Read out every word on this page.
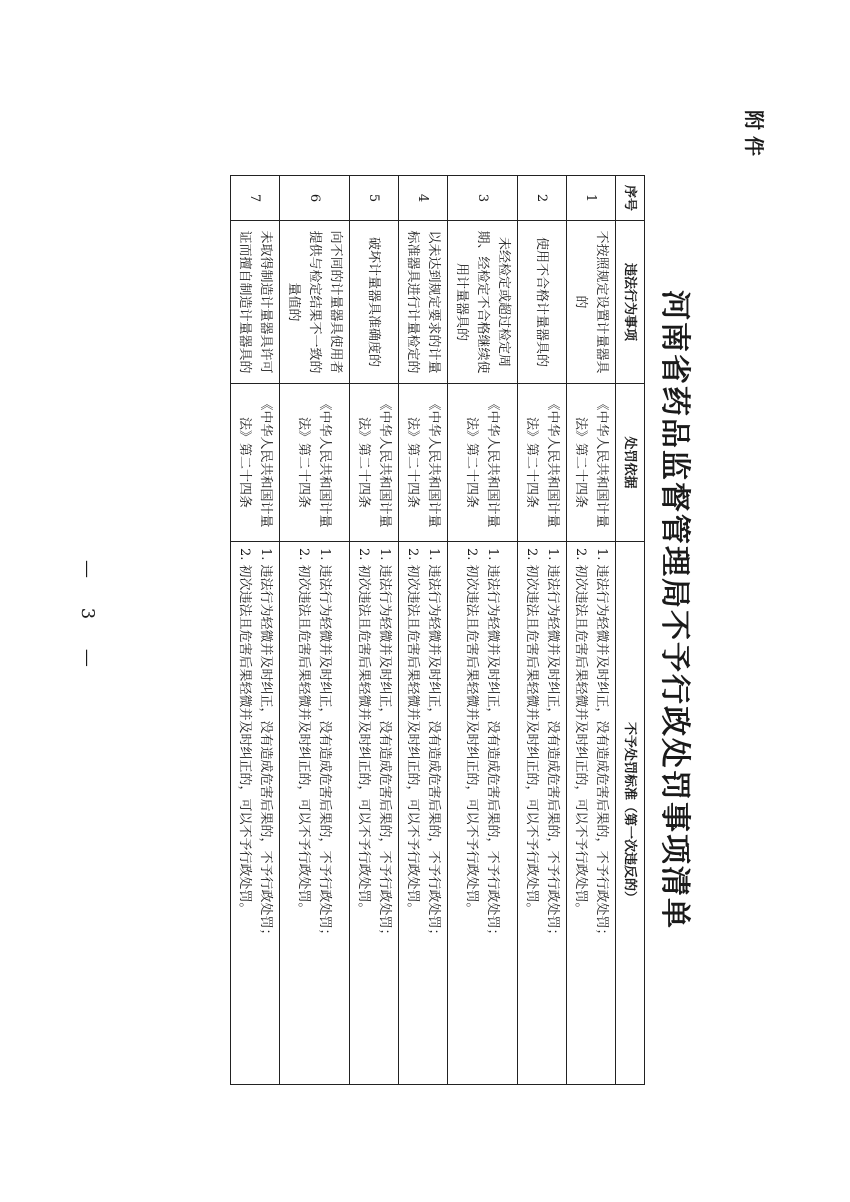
附件
河南省药品监督管理局不予行政处罚事项清单
序号	违法行为事项	处罚依据	不予处罚标准（第一次违反的）
1	不按照规定设置计量器具的	《中华人民共和国计量法》第二十四条	1. 违法行为轻微并及时纠正，没有造成危害后果的，不予行政处罚；
2. 初次违法且危害后果轻微并及时纠正的，可以不予行政处罚。

2	使用不合格计量器具的	《中华人民共和国计量法》第二十四条	1. 违法行为轻微并及时纠正，没有造成危害后果的，不予行政处罚；
2. 初次违法且危害后果轻微并及时纠正的，可以不予行政处罚。

3	未经检定或超过检定周期、经检定不合格继续使用计量器具的	《中华人民共和国计量法》第二十四条	1. 违法行为轻微并及时纠正，没有造成危害后果的，不予行政处罚；
2. 初次违法且危害后果轻微并及时纠正的，可以不予行政处罚。

4	以未达到规定要求的计量标准器具进行计量检定的	《中华人民共和国计量法》第二十四条	1. 违法行为轻微并及时纠正，没有造成危害后果的，不予行政处罚；
2. 初次违法且危害后果轻微并及时纠正的，可以不予行政处罚。

5	破坏计量器具准确度的	《中华人民共和国计量法》第二十四条	1. 违法行为轻微并及时纠正，没有造成危害后果的，不予行政处罚；
2. 初次违法且危害后果轻微并及时纠正的，可以不予行政处罚。

6	向不同的计量器具使用者提供与检定结果不一致的量值的	《中华人民共和国计量法》第二十四条	1. 违法行为轻微并及时纠正，没有造成危害后果的，不予行政处罚；
2. 初次违法且危害后果轻微并及时纠正的，可以不予行政处罚。

7	未取得制造计量器具许可证而擅自制造计量器具的	《中华人民共和国计量法》第二十四条	1. 违法行为轻微并及时纠正，没有造成危害后果的，不予行政处罚；
2. 初次违法且危害后果轻微并及时纠正的，可以不予行政处罚。
— 3 —
